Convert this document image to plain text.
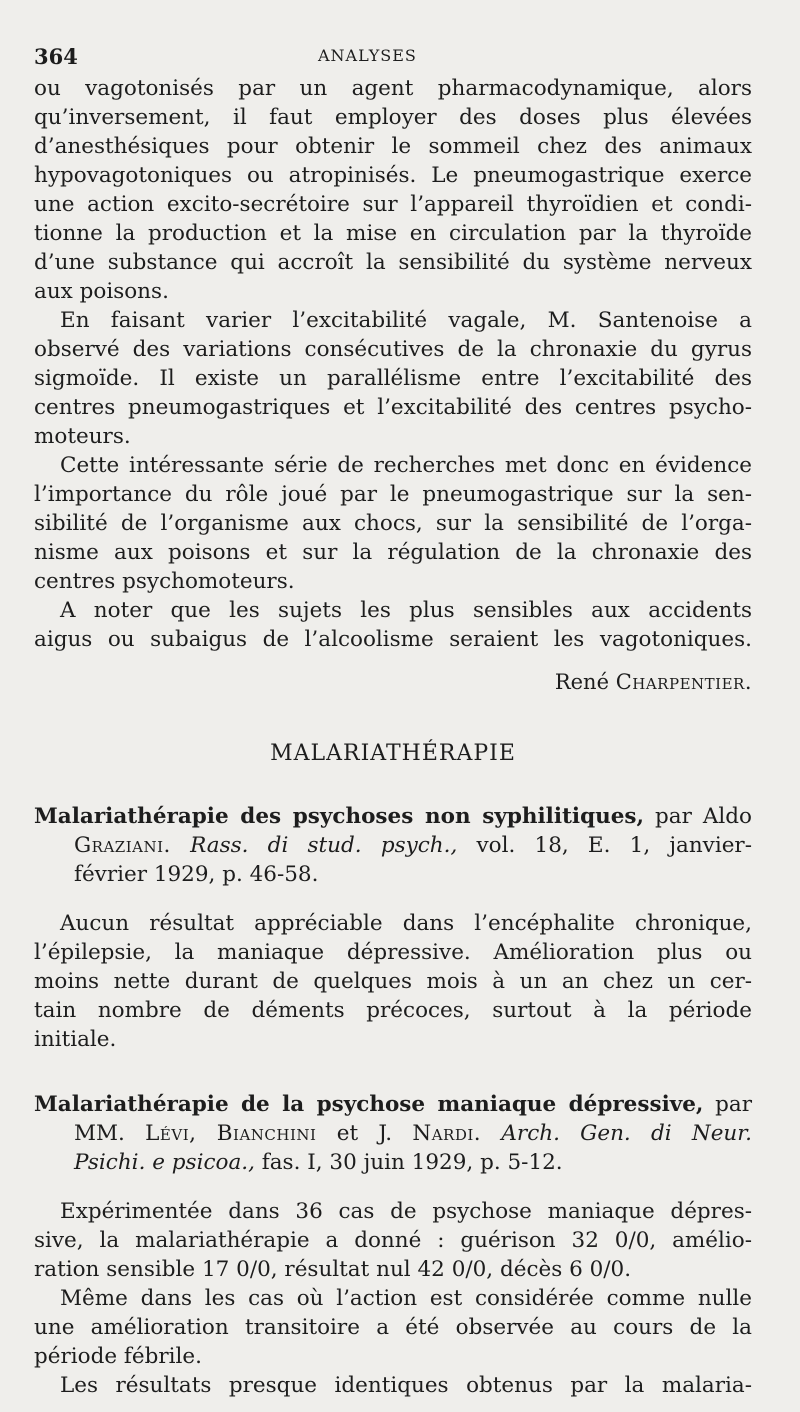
364	ANALYSES
ou vagotonisés par un agent pharmacodynamique, alors
qu’inversement, il faut employer des doses plus élevées
d’anesthésiques pour obtenir le sommeil chez des animaux
hypovagotoniques ou atropinisés. Le pneumogastrique exerce
une action excito-secrétoire sur l’appareil thyroïdien et condi-
tionne la production et la mise en circulation par la thyroïde
d’une substance qui accroît la sensibilité du système nerveux
aux poisons.
En faisant varier l’excitabilité vagale, M. Santenoise a
observé des variations consécutives de la chronaxie du gyrus
sigmoïde. Il existe un parallélisme entre l’excitabilité des
centres pneumogastriques et l’excitabilité des centres psycho-
moteurs.
Cette intéressante série de recherches met donc en évidence
l’importance du rôle joué par le pneumogastrique sur la sen-
sibilité de l’organisme aux chocs, sur la sensibilité de l’orga-
nisme aux poisons et sur la régulation de la chronaxie des
centres psychomoteurs.
A noter que les sujets les plus sensibles aux accidents
aigus ou subaigus de l’alcoolisme seraient les vagotoniques.
René Charpentier.
MALARIATHÉRAPIE
Malariathérapie des psychoses non syphilitiques, par Aldo
Graziani. Rass. di stud. psych., vol. 18, E. 1, janvier-
février 1929, p. 46-58.
Aucun résultat appréciable dans l’encéphalite chronique,
l’épilepsie, la maniaque dépressive. Amélioration plus ou
moins nette durant de quelques mois à un an chez un cer-
tain nombre de déments précoces, surtout à la période
initiale.
Malariathérapie de la psychose maniaque dépressive, par
MM. Lévi, Bianchini et J. Nardi. Arch. Gen. di Neur.
Psichi. e psicoa., fas. I, 30 juin 1929, p. 5-12.
Expérimentée dans 36 cas de psychose maniaque dépres-
sive, la malariathérapie a donné : guérison 32 0/0, amélio-
ration sensible 17 0/0, résultat nul 42 0/0, décès 6 0/0.
Même dans les cas où l’action est considérée comme nulle
une amélioration transitoire a été observée au cours de la
période fébrile.
Les résultats presque identiques obtenus par la malaria-
